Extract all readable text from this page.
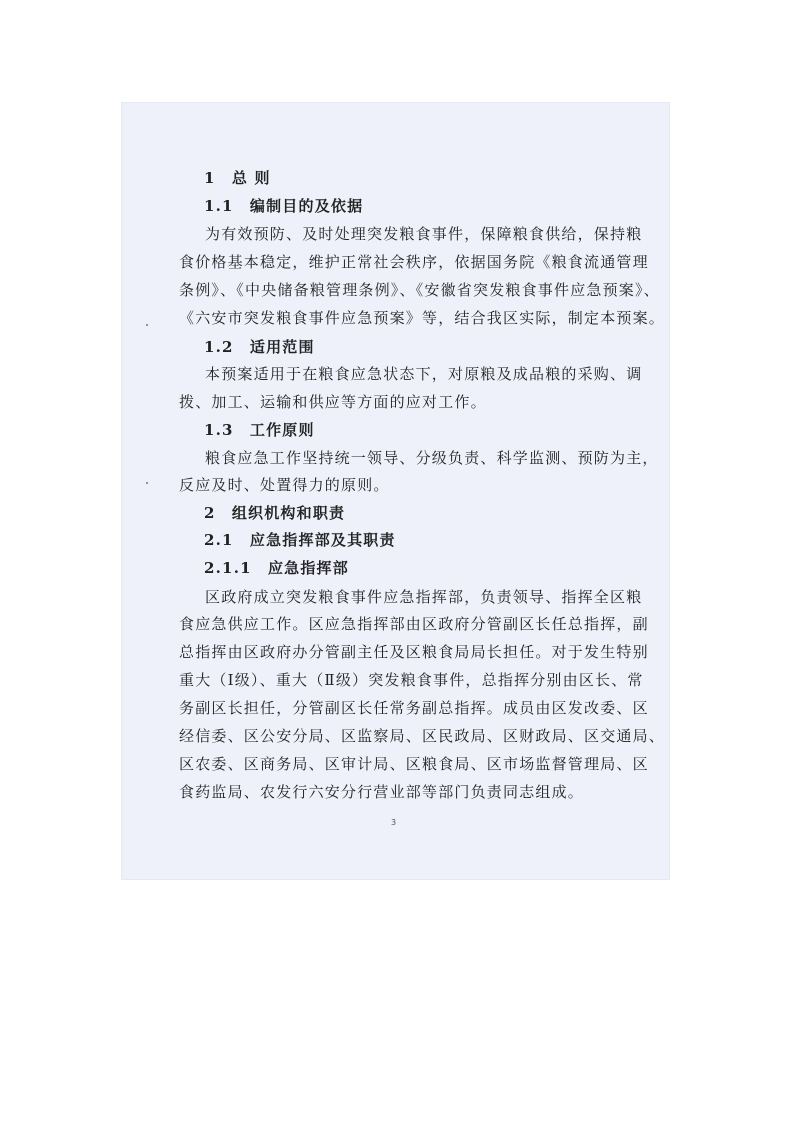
1　总 则
1.1　编制目的及依据
为有效预防、及时处理突发粮食事件，保障粮食供给，保持粮
食价格基本稳定，维护正常社会秩序，依据国务院《粮食流通管理
条例》、《中央储备粮管理条例》、《安徽省突发粮食事件应急预案》、
《六安市突发粮食事件应急预案》等，结合我区实际，制定本预案。
1.2　适用范围
本预案适用于在粮食应急状态下，对原粮及成品粮的采购、调
拨、加工、运输和供应等方面的应对工作。
1.3　工作原则
粮食应急工作坚持统一领导、分级负责、科学监测、预防为主，
反应及时、处置得力的原则。
2　组织机构和职责
2.1　应急指挥部及其职责
2.1.1　应急指挥部
区政府成立突发粮食事件应急指挥部，负责领导、指挥全区粮
食应急供应工作。区应急指挥部由区政府分管副区长任总指挥，副
总指挥由区政府办分管副主任及区粮食局局长担任。对于发生特别
重大（Ⅰ级）、重大（Ⅱ级）突发粮食事件，总指挥分别由区长、常
务副区长担任，分管副区长任常务副总指挥。成员由区发改委、区
经信委、区公安分局、区监察局、区民政局、区财政局、区交通局、
区农委、区商务局、区审计局、区粮食局、区市场监督管理局、区
食药监局、农发行六安分行营业部等部门负责同志组成。
3
